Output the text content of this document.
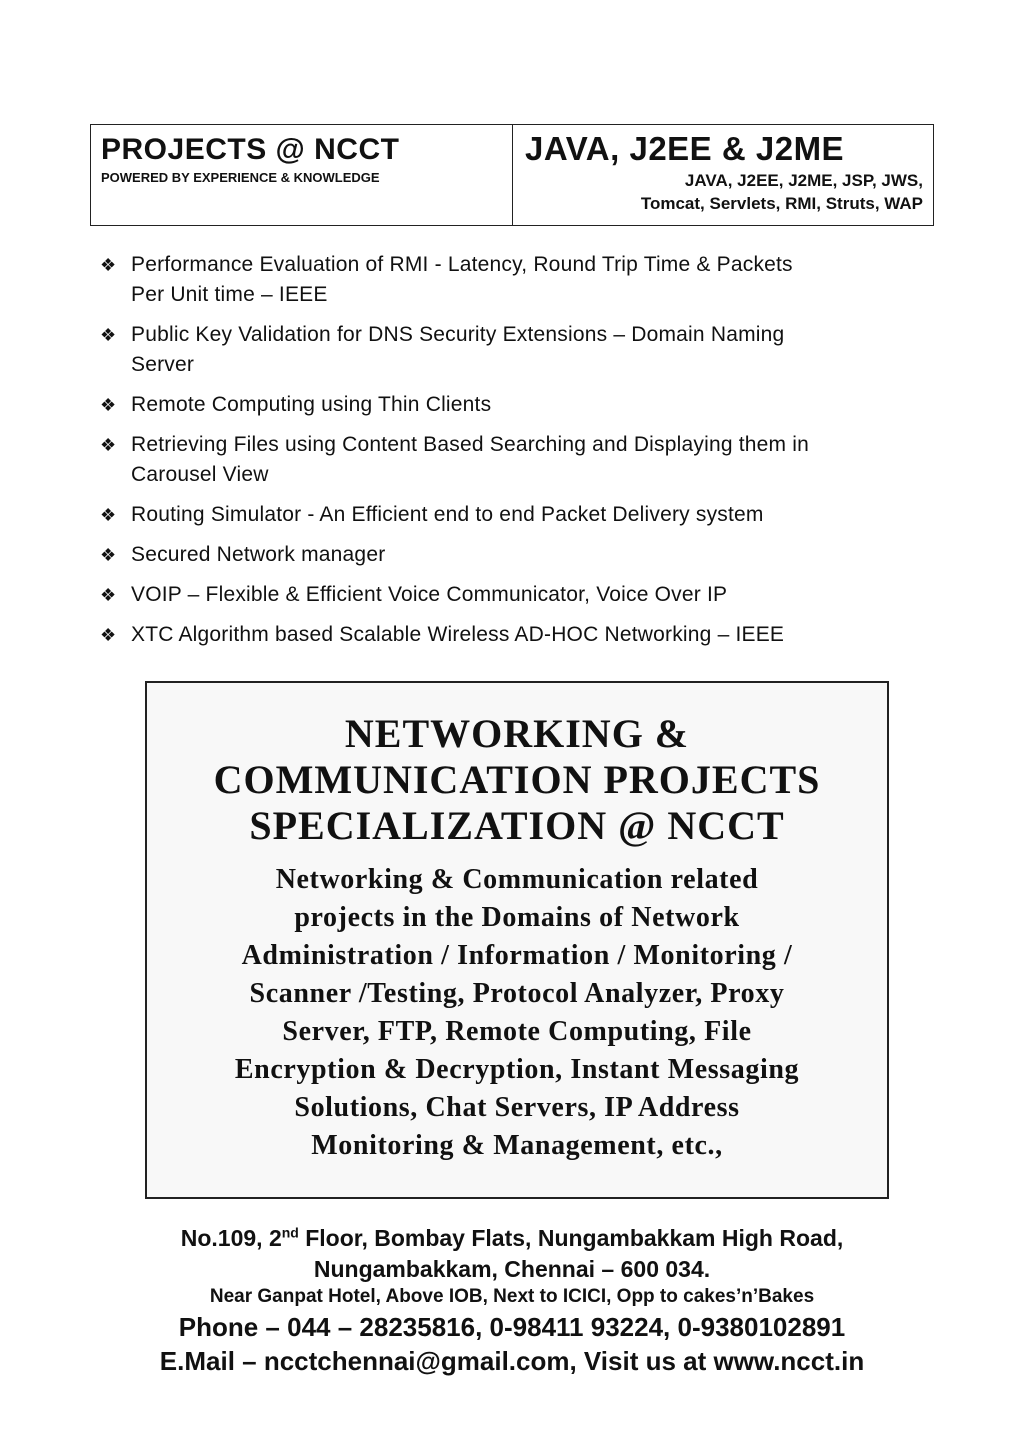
PROJECTS @ NCCT
POWERED BY EXPERIENCE & KNOWLEDGE
JAVA, J2EE & J2ME
JAVA, J2EE, J2ME, JSP, JWS,
Tomcat, Servlets, RMI, Struts, WAP
❖ Performance Evaluation of RMI - Latency, Round Trip Time & Packets
Per Unit time – IEEE
❖ Public Key Validation for DNS Security Extensions – Domain Naming
Server
❖ Remote Computing using Thin Clients
❖ Retrieving Files using Content Based Searching and Displaying them in
Carousel View
❖ Routing Simulator - An Efficient end to end Packet Delivery system
❖ Secured Network manager
❖ VOIP – Flexible & Efficient Voice Communicator, Voice Over IP
❖ XTC Algorithm based Scalable Wireless AD-HOC Networking – IEEE
NETWORKING &
COMMUNICATION PROJECTS
SPECIALIZATION @ NCCT
Networking & Communication related
projects in the Domains of Network
Administration / Information / Monitoring /
Scanner /Testing, Protocol Analyzer, Proxy
Server, FTP, Remote Computing, File
Encryption & Decryption, Instant Messaging
Solutions, Chat Servers, IP Address
Monitoring & Management, etc.,
No.109, 2nd Floor, Bombay Flats, Nungambakkam High Road,
Nungambakkam, Chennai – 600 034.
Near Ganpat Hotel, Above IOB, Next to ICICI, Opp to cakes’n’Bakes
Phone – 044 – 28235816, 0-98411 93224, 0-9380102891
E.Mail – ncctchennai@gmail.com, Visit us at www.ncct.in
